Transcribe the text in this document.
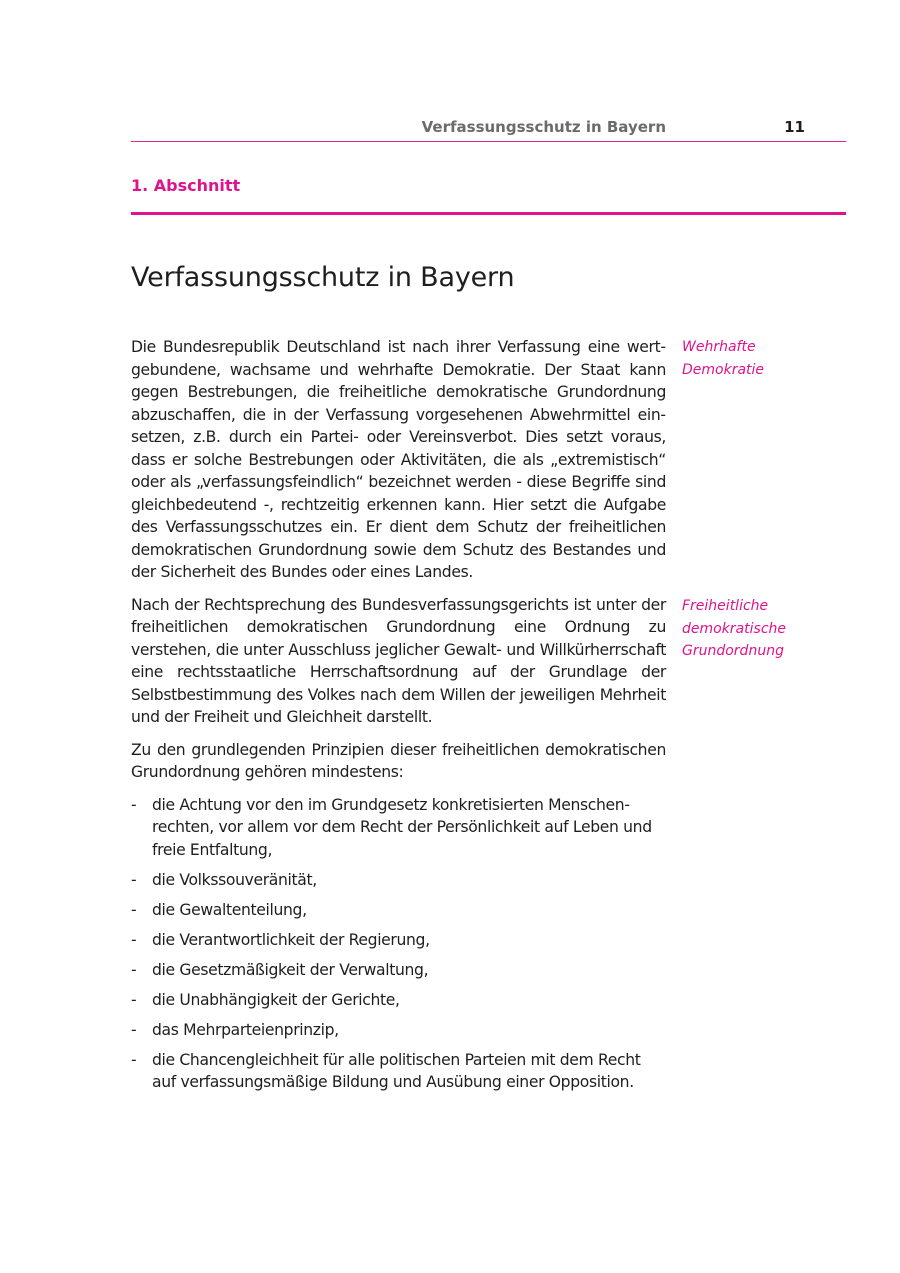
Verfassungsschutz in Bayern	11
1. Abschnitt
Verfassungsschutz in Bayern

Die Bundesrepublik Deutschland ist nach ihrer Verfassung eine wertgebundene, wachsame und wehrhafte Demokratie. Der Staat kann gegen Bestrebungen, die freiheitliche demokratische Grundordnung abzuschaffen, die in der Verfassung vorgesehenen Abwehrmittel einsetzen, z.B. durch ein Partei- oder Vereinsverbot. Dies setzt voraus, dass er solche Bestrebungen oder Aktivitäten, die als „extremistisch“ oder als „verfassungsfeindlich“ bezeichnet werden - diese Begriffe sind gleichbedeutend -, rechtzeitig erkennen kann. Hier setzt die Aufgabe des Verfassungsschutzes ein. Er dient dem Schutz der freiheitlichen demokratischen Grundordnung sowie dem Schutz des Bestandes und der Sicherheit des Bundes oder eines Landes.

Nach der Rechtsprechung des Bundesverfassungsgerichts ist unter der freiheitlichen demokratischen Grundordnung eine Ordnung zu verstehen, die unter Ausschluss jeglicher Gewalt- und Willkürherrschaft eine rechtsstaatliche Herrschaftsordnung auf der Grundlage der Selbstbestimmung des Volkes nach dem Willen der jeweiligen Mehrheit und der Freiheit und Gleichheit darstellt.

Zu den grundlegenden Prinzipien dieser freiheitlichen demokratischen Grundordnung gehören mindestens:

- die Achtung vor den im Grundgesetz konkretisierten Menschenrechten, vor allem vor dem Recht der Persönlichkeit auf Leben und freie Entfaltung,
- die Volkssouveränität,
- die Gewaltenteilung,
- die Verantwortlichkeit der Regierung,
- die Gesetzmäßigkeit der Verwaltung,
- die Unabhängigkeit der Gerichte,
- das Mehrparteienprinzip,
- die Chancengleichheit für alle politischen Parteien mit dem Recht auf verfassungsmäßige Bildung und Ausübung einer Opposition.
Wehrhafte
Demokratie
Freiheitliche
demokratische
Grundordnung
